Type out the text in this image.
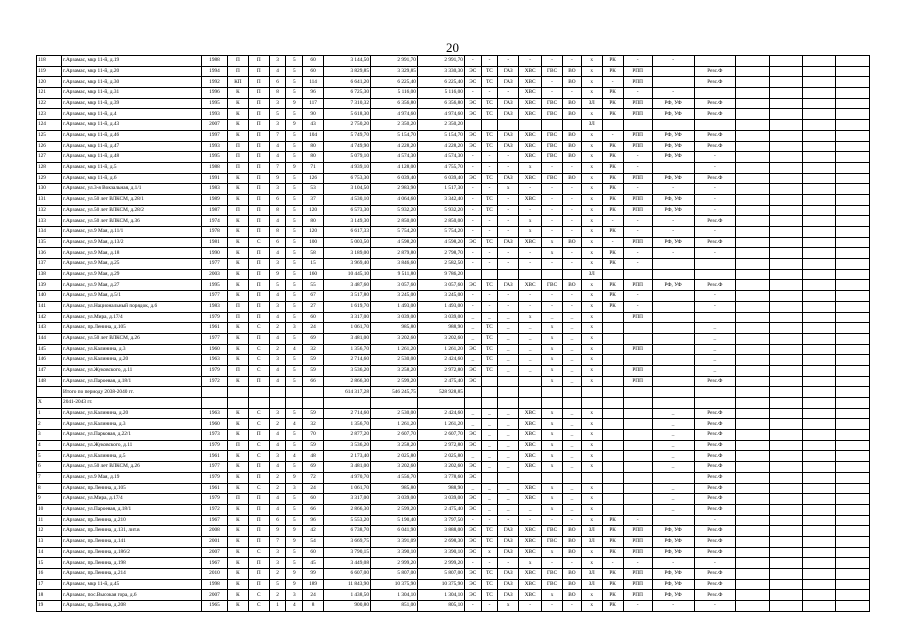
20
118	г.Арзамас, мкр 11-й, д.19	1988	П	П	3	5	60	3 144,50	2 991,70	2 991,70	-	-	-	-	-	-	х	РК	-	-					
119	г.Арзамас, мкр 11-й, д.20	1994	П	П	4	5	60	3 829,85	3 329,85	3 330,30	ЭС	ТС	ГАЗ	ХВС	ГВС	ВО	х	РК	РПП		Резс.Ф				
120	г.Арзамас, мкр 11-й, д.30	1992	КП	П	6	5	114	6 641,20	6 225,40	6 225,40	ЭС	ТС	ГАЗ	ХВС	-	ВО	х	-	РПП		Резс.Ф				
121	г.Арзамас, мкр 11-й, д.31	1996	К	П	8	5	96	6 725,30	5 116,00	5 116,00	-	-	-	ХВС	-	-	х	РК	-	-					
122	г.Арзамас, мкр 11-й, д.39	1995	К	П	3	9	117	7 310,32	6 356,80	6 356,80	ЭС	ТС	ГАЗ	ХВС	ГВС	ВО	ЗЛ	РК	РПП	РФ, УФ	Резс.Ф				
123	г.Арзамас, мкр 11-й, д.4	1993	К	П	5	5	90	5 618,30	4 974,60	4 974,60	ЭС	ТС	ГАЗ	ХВС	ГВС	ВО	х	РК	РПП	РФ, УФ	Резс.Ф				
124	г.Арзамас, мкр 11-й, д.43	2007	К	П	3	9	43	2 750,20	2 350,20	2 350,20							ЗЛ								
125	г.Арзамас, мкр 11-й, д.46	1997	К	П	7	5	104	5 749,70	5 154,70	5 154,70	ЭС	ТС	ГАЗ	ХВС	ГВС	ВО	х	-	РПП	РФ, УФ	Резс.Ф				
126	г.Арзамас, мкр 11-й, д.47	1993	П	П	4	5	80	4 749,90	4 228,20	4 228,20	ЭС	ТС	ГАЗ	ХВС	ГВС	ВО	х	РК	РПП	РФ, УФ	Резс.Ф				
127	г.Арзамас, мкр 11-й, д.48	1995	П	П	4	5	80	5 079,10	4 574,30	4 574,30	-	-	-	ХВС	ГВС	ВО	х	РК	-	РФ, УФ	-				
128	г.Арзамас, мкр 11-й, д.5	1988	П	П	7	9	71	4 939,10	4 128,00	4 755,70	-	-	-	х	-	-	х	РК	-		-				
129	г.Арзамас, мкр 11-й, д.6	1991	К	П	9	5	126	6 753,30	6 039,40	6 039,40	ЭС	ТС	ГАЗ	ХВС	ГВС	ВО	х	РК	РПП	РФ, УФ	Резс.Ф				
130	г.Арзамас, ул.3-я Вокзальная, д.1/1	1983	К	П	3	5	53	3 104,50	2 983,90	1 517,30	-	-	х	-	-	-	х	РК	-	-	-				
131	г.Арзамас, ул.50 лет ВЛКСМ, д.28/1	1989	К	П	6	5	37	4 530,10	4 064,60	3 342,40	-	ТС	-	ХВС	-	-	х	РК	РПП	РФ, УФ	-				
132	г.Арзамас, ул.50 лет ВЛКСМ, д.28/2	1987	П	П	8	5	120	6 573,30	5 932,20	5 932,20	-	ТС	-	-	-	-	х	РК	РПП	РФ, УФ	-				
133	г.Арзамас, ул.50 лет ВЛКСМ, д.36	1974	К	П	4	5	80	3 149,30	2 850,00	2 850,00	-	-	-	х	-	-	х	-	-	-	Резс.Ф				
134	г.Арзамас, ул.9 Мая, д.11/1	1978	К	П	8	5	120	6 617,33	5 754,20	5 754,20	-	-	-	х	-	-	х	РК	-	-	-				
135	г.Арзамас, ул.9 Мая, д.13/2	1981	К	С	6	5	100	5 003,50	4 598,20	4 598,20	ЭС	ТС	ГАЗ	ХВС	х	ВО	х	-	РПП	РФ, УФ	Резс.Ф				
136	г.Арзамас, ул.9 Мая, д.18	1990	К	П	4	5	58	3 189,00	2 879,80	2 798,70	-	-	-	-	х	-	х	РК	-	-	-				
137	г.Арзамас, ул.9 Мая, д.25	1977	К	П	3	5	15	3 969,40	3 846,60	2 582,50	-	-	-	-	-	-	х	РК	-						
138	г.Арзамас, ул.9 Мая, д.29	2003	К	П	9	5	160	10 445,10	9 511,80	9 786,20							ЗЛ								
139	г.Арзамас, ул.9 Мая, д.27	1995	К	П	5	5	55	3 487,60	3 057,60	3 057,60	ЭС	ТС	ГАЗ	ХВС	ГВС	ВО	х	РК	РПП	РФ, УФ	Резс.Ф				
140	г.Арзамас, ул.9 Мая, д.5/1	1977	К	П	4	5	67	3 517,80	3 245,00	3 245,00	-	-	-	-	-	-	х	РК	-		-				
141	г.Арзамас, ул.Национальный порядок, д.6	1983	П	П	3	5	27	1 619,70	1 493,00	1 493,00	-	-	-	-	-	-	х	РК	-		-				
142	г.Арзамас, ул.Мира, д.17/4	1979	П	П	4	5	60	3 317,00	3 039,00	3 039,00	_	_	_	х	_	_	х		РПП						
143	г.Арзамас, пр.Ленина, д.105	1961	К	С	2	3	24	1 061,70	985,80	988,90	_	ТС	_	_	х	_	х				_				
144	г.Арзамас, ул.50 лет ВЛКСМ, д.26	1977	К	П	4	5	69	3 481,00	3 202,60	3 202,60	_	ТС	_	_	х	_	х				_				
145	г.Арзамас, ул.Калинина, д.3	1960	К	С	2	4	32	1 356,70	1 261,20	1 261,20	ЭС	ТС	_	_	х	_	х		РПП		_				
146	г.Арзамас, ул.Калинина, д.20	1963	К	С	3	5	59	2 714,60	2 530,00	2 424,60	_	ТС	_	_	х	_	х				_				
147	г.Арзамас, ул.Жуковского, д.11	1979	П	С	4	5	59	3 536,20	3 258,20	2 972,80	ЭС	ТС	_	_	х	_	х		РПП		_				
148	г.Арзамас, ул.Пароевая, д.18/1	1972	К	П	4	5	66	2 866,30	2 599,20	2 475,40	ЭС				х	_	х		РПП		Резс.Ф				
	Итого по периоду 2038-2040 гг.							614 317,28	546 245,75	528 928,85															
X	2041-2043 гг.																								
1	г.Арзамас, ул.Калинина, д.20	1963	К	С	3	5	59	2 714,60	2 530,00	2 424,60	_	_	_	ХВС	х	_	х			_	Резс.Ф				
2	г.Арзамас, ул.Калинина, д.3	1960	К	С	2	4	32	1 356,70	1 261,20	1 261,20	_	_	_	ХВС	х	_	х			_	Резс.Ф				
3	г.Арзамас, ул.Парковая, д.22/1	1973	К	П	4	5	70	2 877,20	2 607,70	2 607,70	ЭС	_	_	ХВС	х	_	х			_	Резс.Ф				
4	г.Арзамас, ул.Жуковского, д.11	1979	П	С	4	5	59	3 536,20	3 258,20	2 972,80	ЭС	_	_	ХВС	х	_	х			_	Резс.Ф				
5	г.Арзамас, ул.Калинина, д.5	1961	К	С	3	4	48	2 173,40	2 025,80	2 025,80	_	_	_	ХВС	х	_	х			_	Резс.Ф				
6	г.Арзамас, ул.50 лет ВЛКСМ, д.26	1977	К	П	4	5	69	3 481,00	3 202,60	3 202,60	ЭС	_	_	ХВС	х	_	х			_	Резс.Ф				
7	г.Арзамас, ул.9 Мая, д.19	1979	К	П	2	9	72	4 970,70	4 556,70	3 778,60	ЭС										Резс.Ф				
8	г.Арзамас, пр.Ленина, д.105	1961	К	С	2	3	24	1 061,70	985,80	988,90	_	_	_	ХВС	х	_	х			_	Резс.Ф				
9	г.Арзамас, ул.Мира, д.17/4	1979	П	П	4	5	60	3 317,00	3 039,00	3 039,00	ЭС	_	_	ХВС	х	_	х			_	Резс.Ф				
10	г.Арзамас, ул.Пароевая, д.18/1	1972	К	П	4	5	66	2 866,30	2 599,20	2 475,40	ЭС	_	_	_	х	_	х			_	Резс.Ф				
11	г.Арзамас, пр.Ленина, д.210	1967	К	П	6	5	96	5 553,20	5 190,40	3 797,50	-	-	-	-	-	-	х	РК	-		-				
12	г.Арзамас, пр.Ленина, д.131, лит.в	2008	К	П	9	9	42	6 738,70	6 041,90	3 888,00	ЭС	ТС	ГАЗ	ХВС	ГВС	ВО	ЗЛ	РК	РПП	РФ, УФ	Резс.Ф				
13	г.Арзамас, пр.Ленина, д.141	2001	К	П	7	9	54	3 669,75	3 391,09	2 698,30	ЭС	ТС	ГАЗ	ХВС	ГВС	ВО	ЗЛ	РК	РПП	РФ, УФ	Резс.Ф				
14	г.Арзамас, пр.Ленина, д.186/2	2007	К	С	3	5	60	3 790,15	3 390,10	3 390,10	ЭС	х	ГАЗ	ХВС	х	ВО	х	РК	РПП	РФ, УФ	Резс.Ф				
15	г.Арзамас, пр.Ленина, д.198	1967	К	П	3	5	45	3 449,08	2 999,20	2 999,20	-	-	-	х	-	-	х	-	-	-	-				
16	г.Арзамас, пр.Ленина, д.214	2010	К	П	2	9	99	6 607,00	5 807,00	5 807,00	ЭС	ТС	ГАЗ	ХВС	ГВС	ВО	ЗЛ	РК	РПП	РФ, УФ	Резс.Ф				
17	г.Арзамас, мкр 11-й, д.45	1998	К	П	5	9	189	11 843,90	10 375,90	10 375,90	ЭС	ТС	ГАЗ	ХВС	ГВС	ВО	ЗЛ	РК	РПП	РФ, УФ	Резс.Ф				
18	г.Арзамас, пос.Высокая гора, д.6	2007	К	С	2	3	24	1 438,50	1 304,10	1 304,10	ЭС	ТС	ГАЗ	ХВС	х	ВО	х	РК	РПП	РФ, УФ	Резс.Ф				
19	г.Арзамас, пр.Ленина, д.208	1965	К	С	1	4	8	900,80	851,00	805,10	-	-	х	-	-	-	х	РК	-	-	-				
